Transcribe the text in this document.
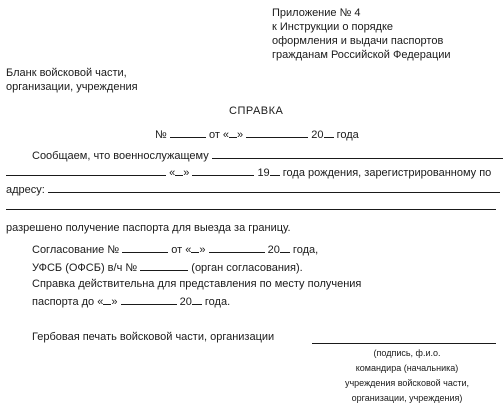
Приложение № 4
к Инструкции о порядке
оформления и выдачи паспортов
гражданам Российской Федерации
Бланк войсковой части,
организации, учреждения
СПРАВКА
№	от « »	20 года
Сообщаем, что военнослужащему
« »	19 года рождения, зарегистрированному по
адресу:
разрешено получение паспорта для выезда за границу.
Согласование №	от « »	20 года,
УФСБ (ОФСБ) в/ч №	(орган согласования).
Справка действительна для представления по месту получения
паспорта до « »	20 года.
Гербовая печать войсковой части, организации
(подпись, ф.и.о.
командира (начальника)
учреждения войсковой части,
организации, учреждения)
